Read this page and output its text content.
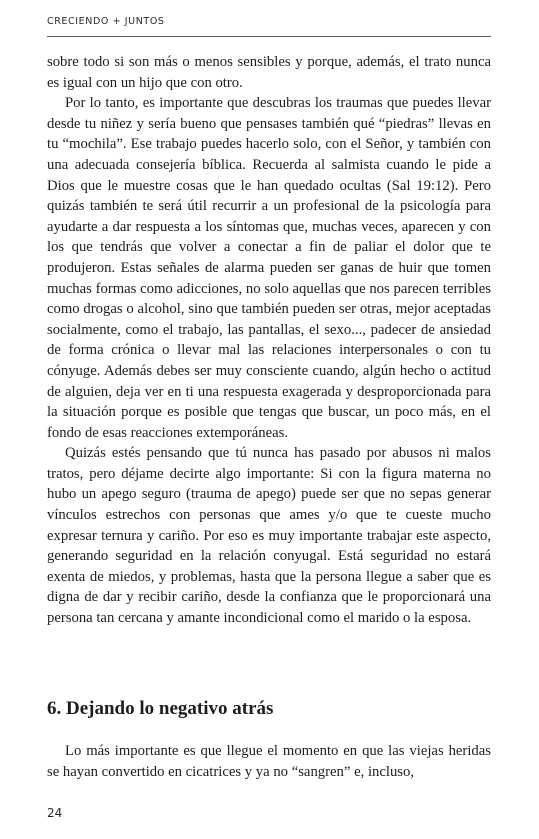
CRECIENDO + JUNTOS

sobre todo si son más o menos sensibles y porque, además, el trato nunca es igual con un hijo que con otro.

Por lo tanto, es importante que descubras los traumas que puedes llevar desde tu niñez y sería bueno que pensases también qué “piedras” llevas en tu “mochila”. Ese trabajo puedes hacerlo solo, con el Señor, y también con una adecuada consejería bíblica. Recuerda al salmista cuando le pide a Dios que le muestre cosas que le han quedado ocultas (Sal 19:12). Pero quizás también te será útil recurrir a un profesional de la psicología para ayudarte a dar respuesta a los síntomas que, muchas veces, aparecen y con los que tendrás que volver a conectar a fin de paliar el dolor que te produjeron. Estas señales de alarma pueden ser ganas de huir que tomen muchas formas como adicciones, no solo aquellas que nos parecen terribles como drogas o alcohol, sino que también pueden ser otras, mejor aceptadas socialmente, como el trabajo, las pantallas, el sexo..., padecer de ansiedad de forma crónica o llevar mal las relaciones interpersonales o con tu cónyuge. Además debes ser muy consciente cuando, algún hecho o actitud de alguien, deja ver en ti una respuesta exagerada y desproporcionada para la situación porque es posible que tengas que buscar, un poco más, en el fondo de esas reacciones extemporáneas.

Quizás estés pensando que tú nunca has pasado por abusos ni malos tratos, pero déjame decirte algo importante: Si con la figura materna no hubo un apego seguro (trauma de apego) puede ser que no sepas generar vínculos estrechos con personas que ames y/o que te cueste mucho expresar ternura y cariño. Por eso es muy importante trabajar este aspecto, generando seguridad en la relación conyugal. Está seguridad no estará exenta de miedos, y problemas, hasta que la persona llegue a saber que es digna de dar y recibir cariño, desde la confianza que le proporcionará una persona tan cercana y amante incondicional como el marido o la esposa.

6. Dejando lo negativo atrás

Lo más importante es que llegue el momento en que las viejas heridas se hayan convertido en cicatrices y ya no “sangren” e, incluso,

24
